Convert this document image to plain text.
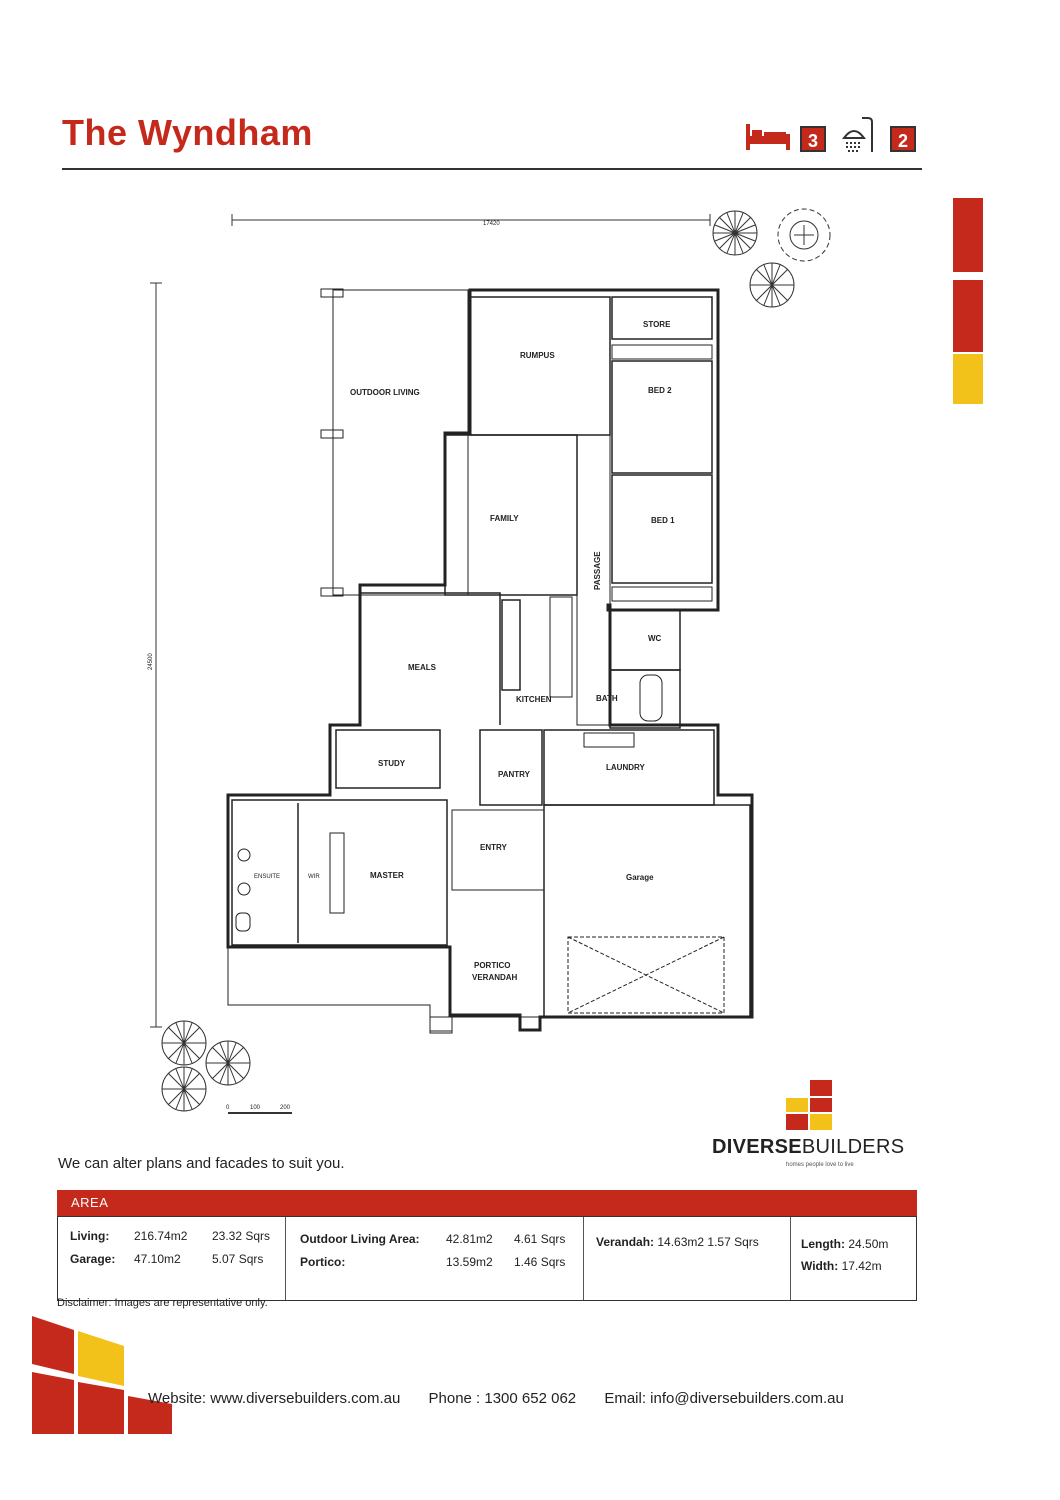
The Wyndham	3	2
17420
24500
0	100	200
STORE
RUMPUS
BED 2
BED 1
OUTDOOR LIVING
FAMILY
PASSAGE
WC
MEALS
KITCHEN	BATH
STUDY
PANTRY
LAUNDRY
ENTRY
Garage
ENSUITE	WIR	MASTER
PORTICO
VERANDAH
DIVERSEBUILDERS
homes people love to live
We can alter plans and facades to suit you.
AREA
Living: 216.74m2 23.32 Sqrs
Garage: 47.10m2	5.07 Sqrs
Outdoor Living Area: 42.81m2 4.61 Sqrs
Portico:	13.59m2 1.46 Sqrs
Verandah: 14.63m2 1.57 Sqrs	Length: 24.50m
Width: 17.42m
Disclaimer: Images are representative only.
Website: www.diversebuilders.com.au Phone : 1300 652 062 Email: info@diversebuilders.com.au
